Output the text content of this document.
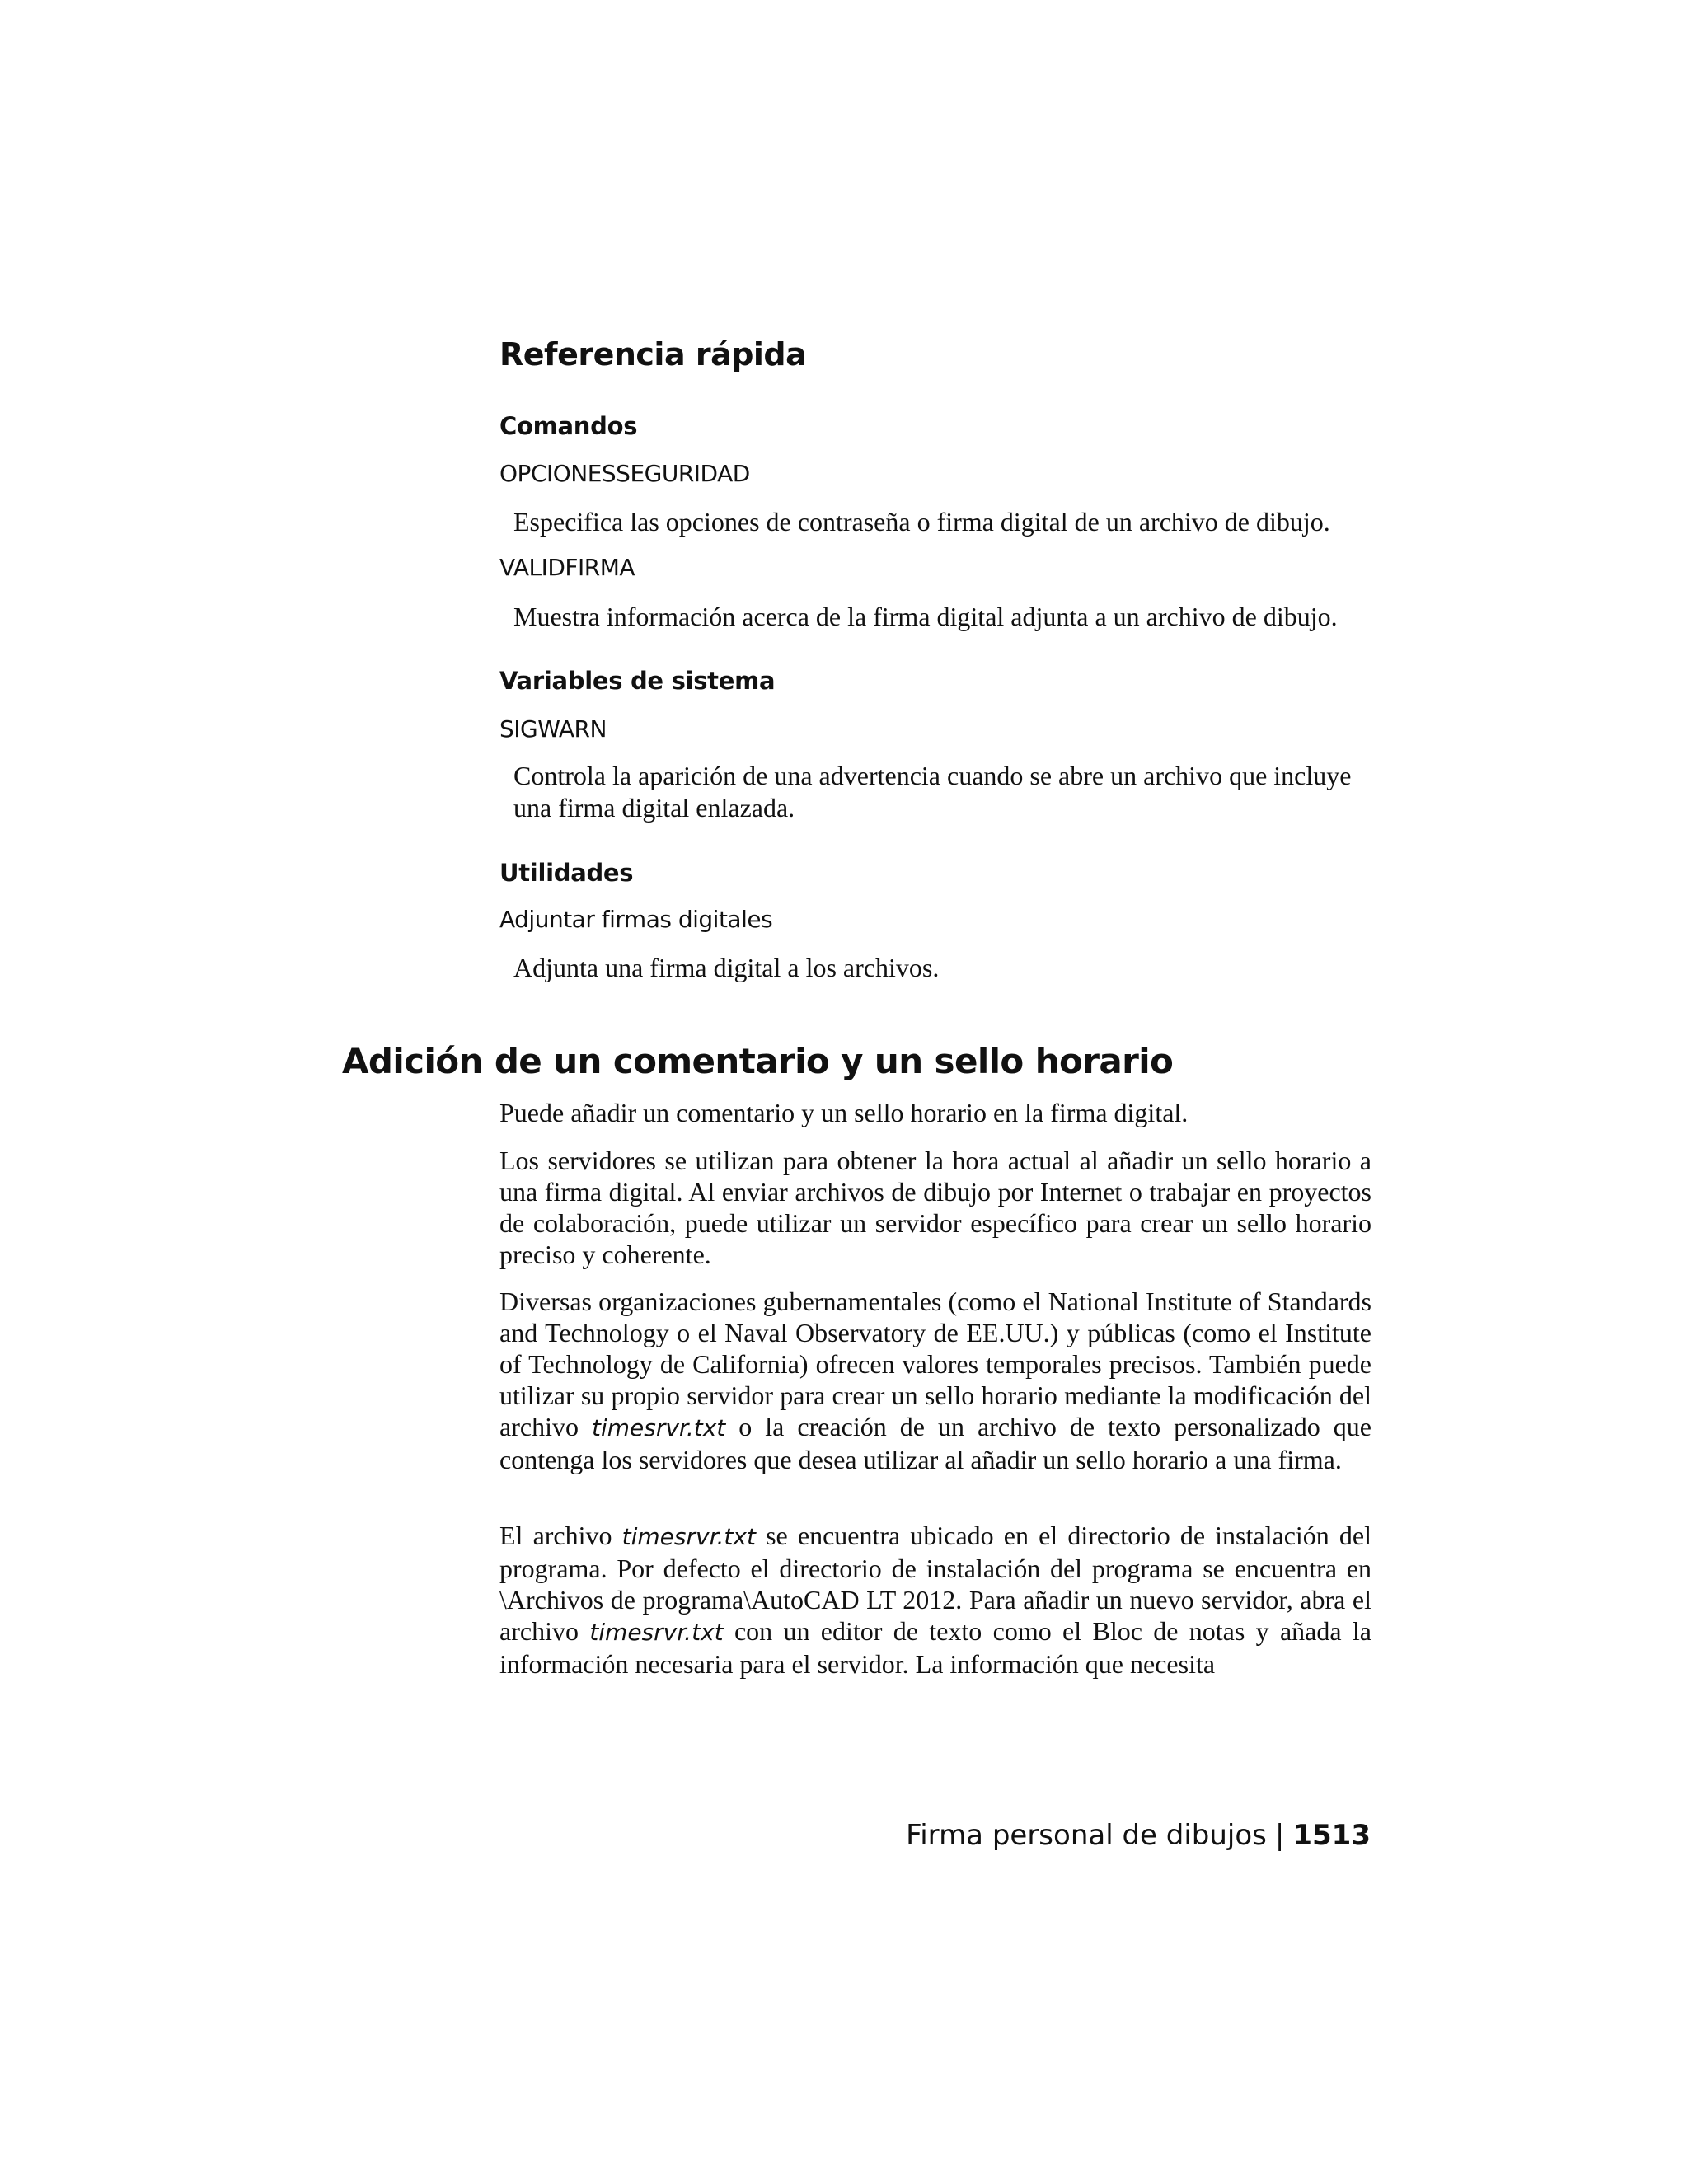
Referencia rápida
Comandos
OPCIONESSEGURIDAD
Especifica las opciones de contraseña o firma digital de un archivo de dibujo.
VALIDFIRMA
Muestra información acerca de la firma digital adjunta a un archivo de dibujo.
Variables de sistema
SIGWARN
Controla la aparición de una advertencia cuando se abre un archivo que incluye una firma digital enlazada.
Utilidades
Adjuntar firmas digitales
Adjunta una firma digital a los archivos.
Adición de un comentario y un sello horario
Puede añadir un comentario y un sello horario en la firma digital.
Los servidores se utilizan para obtener la hora actual al añadir un sello horario a una firma digital. Al enviar archivos de dibujo por Internet o trabajar en proyectos de colaboración, puede utilizar un servidor específico para crear un sello horario preciso y coherente.
Diversas organizaciones gubernamentales (como el National Institute of Standards and Technology o el Naval Observatory de EE.UU.) y públicas (como el Institute of Technology de California) ofrecen valores temporales precisos. También puede utilizar su propio servidor para crear un sello horario mediante la modificación del archivo timesrvr.txt o la creación de un archivo de texto personalizado que contenga los servidores que desea utilizar al añadir un sello horario a una firma.
El archivo timesrvr.txt se encuentra ubicado en el directorio de instalación del programa. Por defecto el directorio de instalación del programa se encuentra en \Archivos de programa\AutoCAD LT 2012. Para añadir un nuevo servidor, abra el archivo timesrvr.txt con un editor de texto como el Bloc de notas y añada la información necesaria para el servidor. La información que necesita
Firma personal de dibujos | 1513
